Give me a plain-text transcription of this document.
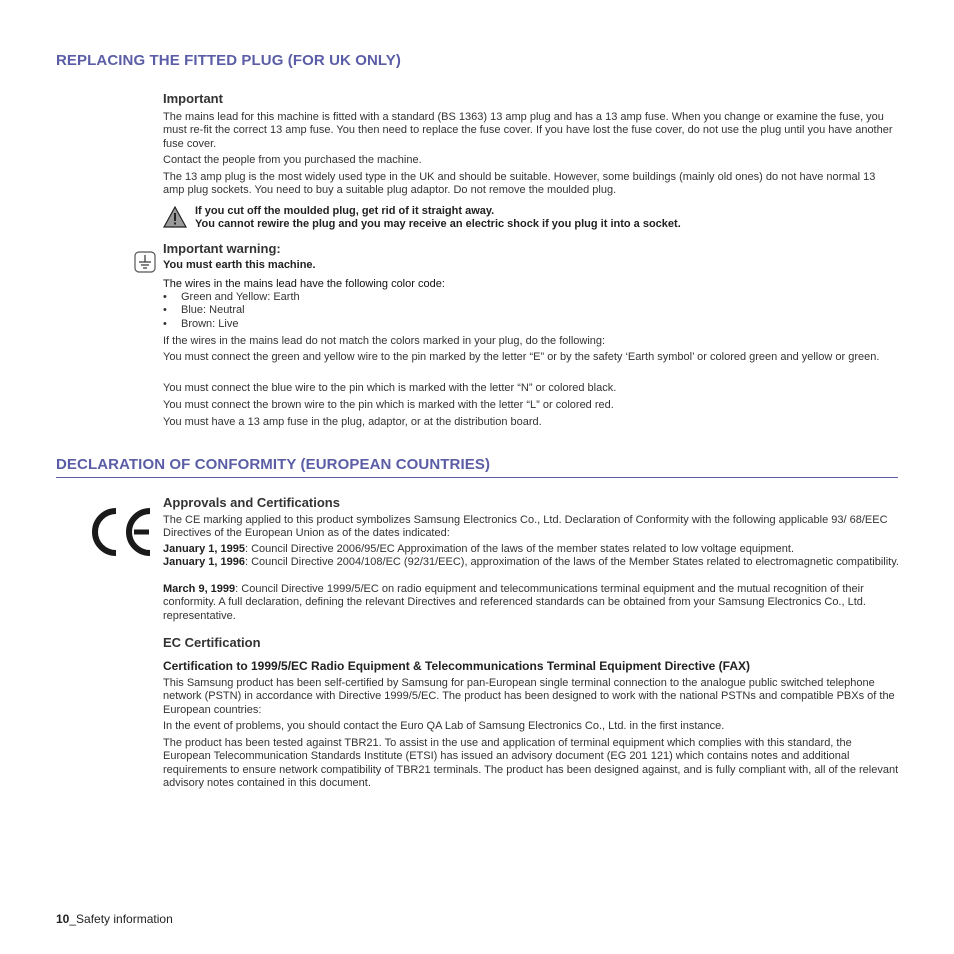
REPLACING THE FITTED PLUG (FOR UK ONLY)
Important
The mains lead for this machine is fitted with a standard (BS 1363) 13 amp plug and has a 13 amp fuse. When you change or examine the fuse, you must re-fit the correct 13 amp fuse. You then need to replace the fuse cover. If you have lost the fuse cover, do not use the plug until you have another fuse cover.
Contact the people from you purchased the machine.
The 13 amp plug is the most widely used type in the UK and should be suitable. However, some buildings (mainly old ones) do not have normal 13 amp plug sockets. You need to buy a suitable plug adaptor. Do not remove the moulded plug.
If you cut off the moulded plug, get rid of it straight away.
You cannot rewire the plug and you may receive an electric shock if you plug it into a socket.
Important warning:
You must earth this machine.
The wires in the mains lead have the following color code:
• Green and Yellow: Earth
• Blue: Neutral
• Brown: Live
If the wires in the mains lead do not match the colors marked in your plug, do the following:
You must connect the green and yellow wire to the pin marked by the letter “E” or by the safety ‘Earth symbol’ or colored green and yellow or green.
You must connect the blue wire to the pin which is marked with the letter “N” or colored black.
You must connect the brown wire to the pin which is marked with the letter “L” or colored red.
You must have a 13 amp fuse in the plug, adaptor, or at the distribution board.
DECLARATION OF CONFORMITY (EUROPEAN COUNTRIES)
Approvals and Certifications
The CE marking applied to this product symbolizes Samsung Electronics Co., Ltd. Declaration of Conformity with the following applicable 93/ 68/EEC Directives of the European Union as of the dates indicated:
January 1, 1995: Council Directive 2006/95/EC Approximation of the laws of the member states related to low voltage equipment.
January 1, 1996: Council Directive 2004/108/EC (92/31/EEC), approximation of the laws of the Member States related to electromagnetic compatibility.
March 9, 1999: Council Directive 1999/5/EC on radio equipment and telecommunications terminal equipment and the mutual recognition of their conformity. A full declaration, defining the relevant Directives and referenced standards can be obtained from your Samsung Electronics Co., Ltd. representative.
EC Certification
Certification to 1999/5/EC Radio Equipment & Telecommunications Terminal Equipment Directive (FAX)
This Samsung product has been self-certified by Samsung for pan-European single terminal connection to the analogue public switched telephone network (PSTN) in accordance with Directive 1999/5/EC. The product has been designed to work with the national PSTNs and compatible PBXs of the European countries:
In the event of problems, you should contact the Euro QA Lab of Samsung Electronics Co., Ltd. in the first instance.
The product has been tested against TBR21. To assist in the use and application of terminal equipment which complies with this standard, the European Telecommunication Standards Institute (ETSI) has issued an advisory document (EG 201 121) which contains notes and additional requirements to ensure network compatibility of TBR21 terminals. The product has been designed against, and is fully compliant with, all of the relevant advisory notes contained in this document.
10_Safety information
